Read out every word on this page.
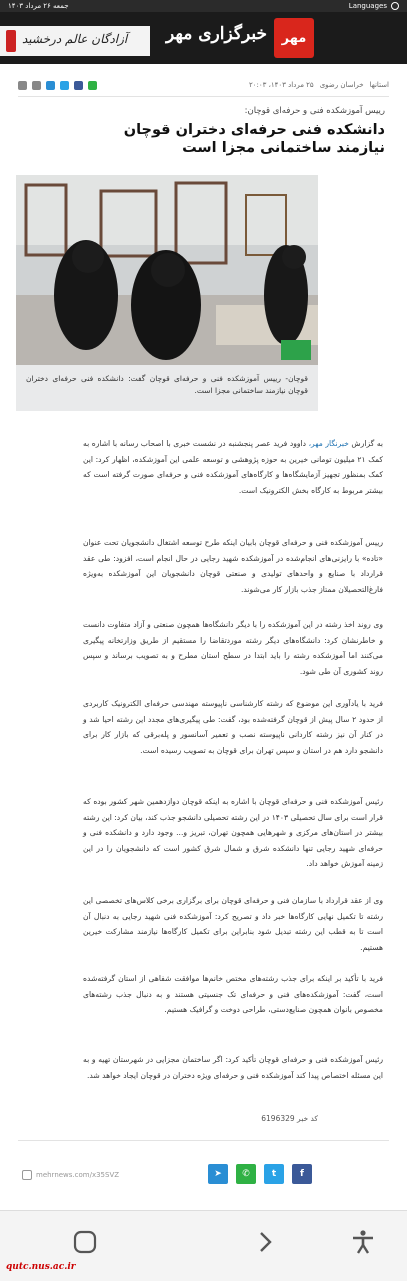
جمعه ۲۶ مرداد ۱۴۰۳	Languages
آزادگان عالم درخشید خبرگزاری مهر مهر
استانها
خراسان رضوی
۲۵ مرداد ۱۴۰۳، ۲۰:۰۳
رییس آموزشکده فنی و حرفه‌ای قوچان:
دانشکده فنی حرفه‌ای دختران قوچان نیازمند ساختمانی مجزا است
قوچان- رییس آموزشکده فنی و حرفه‌ای قوچان گفت: دانشکده فنی حرفه‌ای دختران قوچان نیازمند ساختمانی مجزا است.
به گزارش خبرنگار مهر، داوود فرید عصر پنجشنبه در نشست خبری با اصحاب رسانه با اشاره به کمک ۲۱ میلیون تومانی خیرین به حوزه پژوهشی و توسعه علمی این آموزشکده، اظهار کرد: این کمک بمنظور تجهیز آزمایشگاه‌ها و کارگاه‌های آموزشکده فنی و حرفه‌ای صورت گرفته است که بیشتر مربوط به کارگاه بخش الکترونیک است.
رییس آموزشکده فنی و حرفه‌ای قوچان بابیان اینکه طرح توسعه اشتغال دانشجویان تحت عنوان «تاده» با رایزنی‌های انجام‌شده در آموزشکده شهید رجایی در حال انجام است، افزود: طی عقد قرارداد با صنایع و واحدهای تولیدی و صنعتی قوچان دانشجویان این آموزشکده به‌ویژه فارغ‌التحصیلان ممتاز جذب بازار کار می‌شوند.
وی روند اخذ رشته در این آموزشکده را با دیگر دانشگاه‌ها همچون صنعتی و آزاد متفاوت دانست و خاطرنشان کرد: دانشگاه‌های دیگر رشته موردتقاضا را مستقیم از طریق وزارتخانه پیگیری می‌کنند اما آموزشکده رشته را باید ابتدا در سطح استان مطرح و به تصویب برساند و سپس روند کشوری آن طی شود.
فرید با یادآوری این موضوع که رشته کارشناسی ناپیوسته مهندسی حرفه‌ای الکترونیک کاربردی از حدود ۲ سال پیش از قوچان گرفته‌شده بود، گفت: طی پیگیری‌های مجدد این رشته احیا شد و در کنار آن نیز رشته کاردانی ناپیوسته نصب و تعمیر آسانسور و پله‌برقی که بازار کار برای دانشجو دارد هم در استان و سپس تهران برای قوچان به تصویب رسیده است.
رئیس آموزشکده فنی و حرفه‌ای قوچان با اشاره به اینکه قوچان دوازدهمین شهر کشور بوده که قرار است برای سال تحصیلی ۱۴۰۳ در این رشته تحصیلی دانشجو جذب کند، بیان کرد: این رشته بیشتر در استان‌های مرکزی و شهرهایی همچون تهران، تبریز و... وجود دارد و دانشکده فنی و حرفه‌ای شهید رجایی تنها دانشکده شرق و شمال شرق کشور است که دانشجویان را در این زمینه آموزش خواهد داد.
وی از عقد قرارداد با سازمان فنی و حرفه‌ای قوچان برای برگزاری برخی کلاس‌های تخصصی این رشته تا تکمیل نهایی کارگاه‌ها خبر داد و تصریح کرد: آموزشکده فنی شهید رجایی به دنبال آن است تا به قطب این رشته تبدیل شود بنابراین برای تکمیل کارگاه‌ها نیازمند مشارکت خیرین هستیم.
فرید با تأکید بر اینکه برای جذب رشته‌های مختص خانم‌ها موافقت شفاهی از استان گرفته‌شده است، گفت: آموزشکده‌های فنی و حرفه‌ای تک جنسیتی هستند و به دنبال جذب رشته‌های مخصوص بانوان همچون صنایع‌دستی، طراحی دوخت و گرافیک هستیم.
رئیس آموزشکده فنی و حرفه‌ای قوچان تأکید کرد: اگر ساختمان مجزایی در شهرستان تهیه و به این مسئله اختصاص پیدا کند آموزشکده فنی و حرفه‌ای ویژه دختران در قوچان ایجاد خواهد شد.
کد خبر 6196329
mehrnews.com/x35SVZ	➤ ✆ t	f
qutc.nus.ac.ir
